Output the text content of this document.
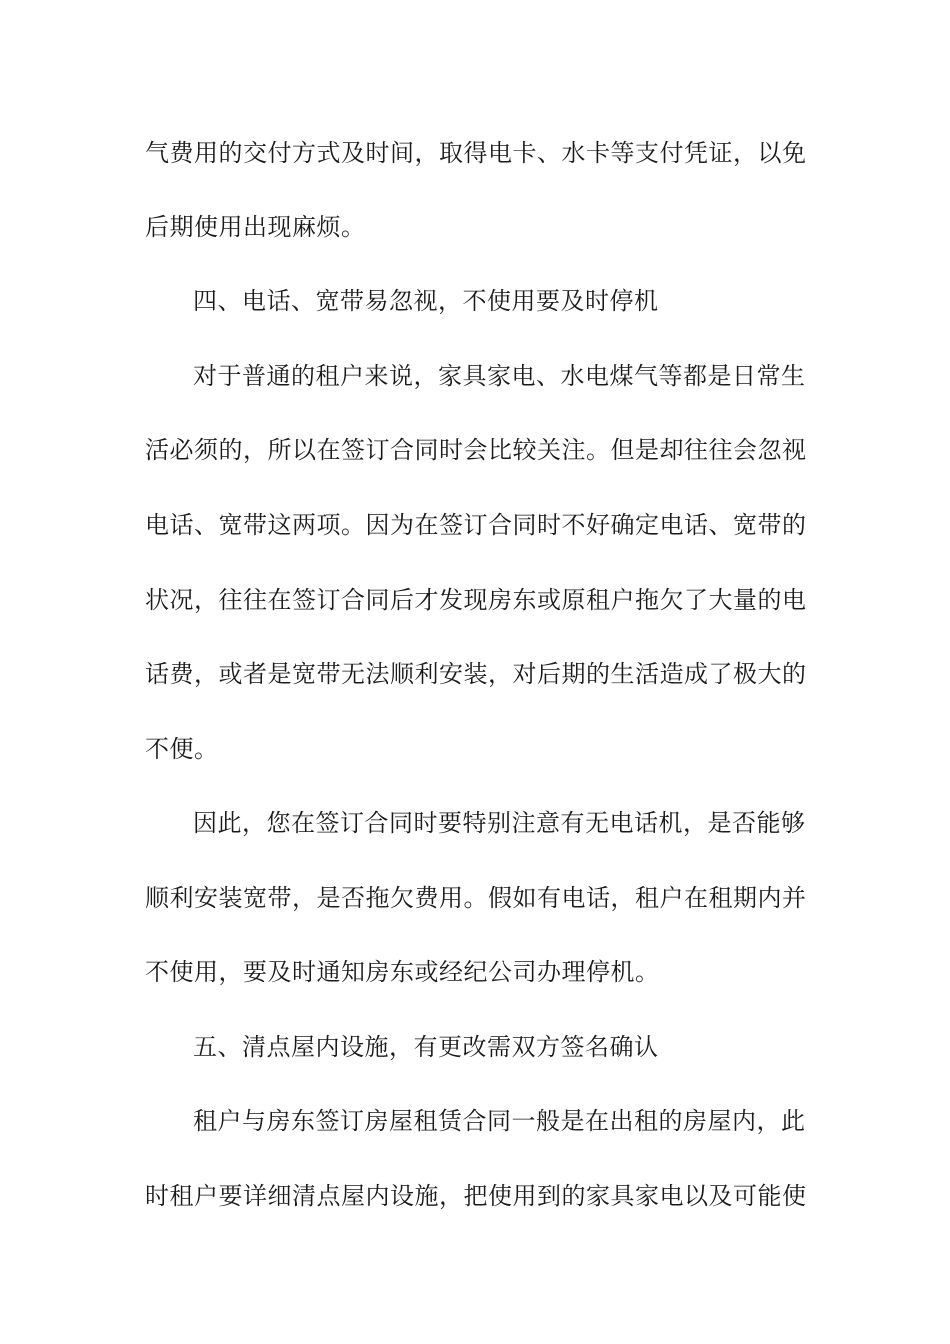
气费用的交付方式及时间，取得电卡、水卡等支付凭证，以免
后期使用出现麻烦。
四、电话、宽带易忽视，不使用要及时停机
对于普通的租户来说，家具家电、水电煤气等都是日常生
活必须的，所以在签订合同时会比较关注。但是却往往会忽视
电话、宽带这两项。因为在签订合同时不好确定电话、宽带的
状况，往往在签订合同后才发现房东或原租户拖欠了大量的电
话费，或者是宽带无法顺利安装，对后期的生活造成了极大的
不便。
因此，您在签订合同时要特别注意有无电话机，是否能够
顺利安装宽带，是否拖欠费用。假如有电话，租户在租期内并
不使用，要及时通知房东或经纪公司办理停机。
五、清点屋内设施，有更改需双方签名确认
租户与房东签订房屋租赁合同一般是在出租的房屋内，此
时租户要详细清点屋内设施，把使用到的家具家电以及可能使
